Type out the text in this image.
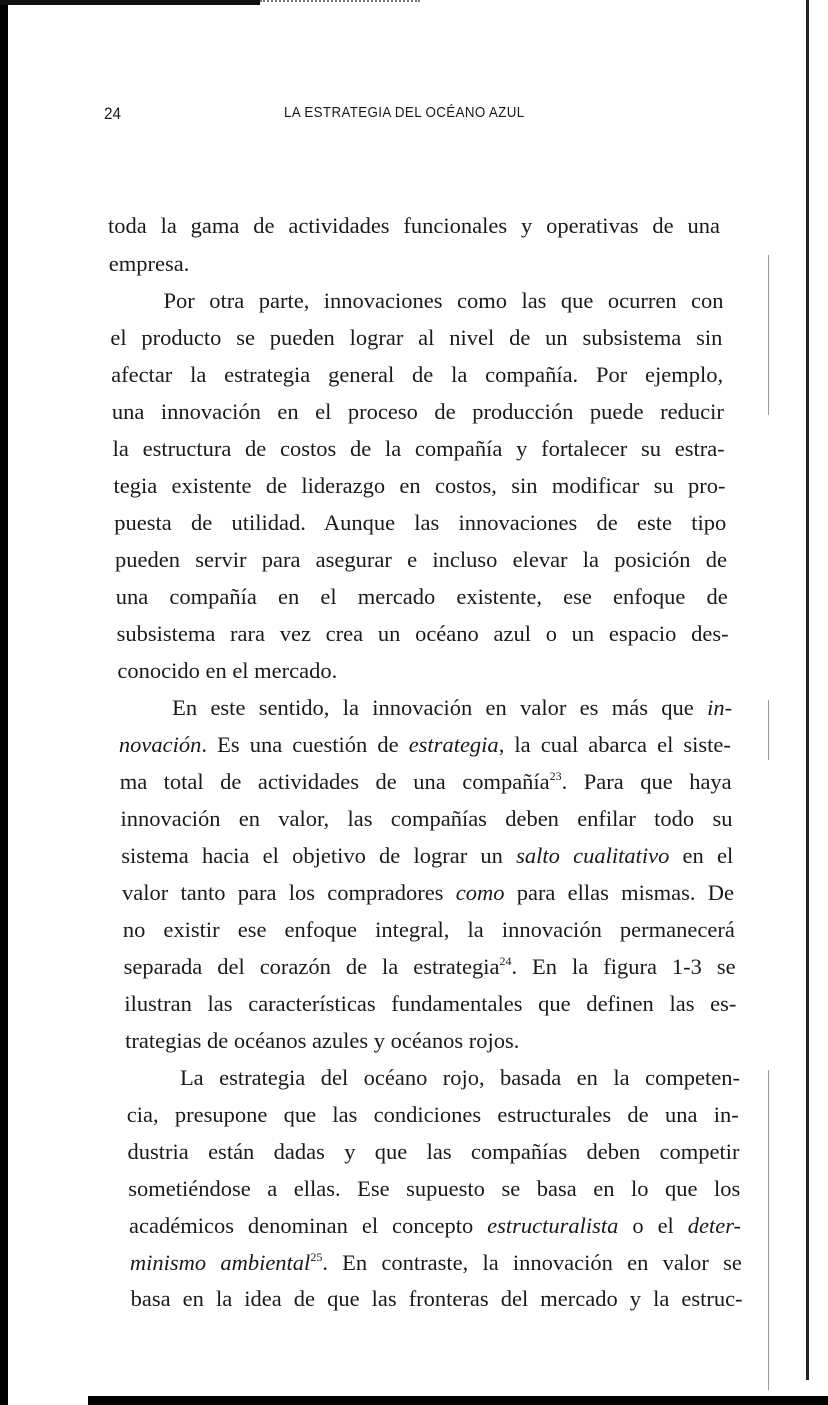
24	LA ESTRATEGIA DEL OCÉANO AZUL
toda la gama de actividades funcionales y operativas de una
empresa.
Por otra parte, innovaciones como las que ocurren con
el producto se pueden lograr al nivel de un subsistema sin
afectar la estrategia general de la compañía. Por ejemplo,
una innovación en el proceso de producción puede reducir
la estructura de costos de la compañía y fortalecer su estra-
tegia existente de liderazgo en costos, sin modificar su pro-
puesta de utilidad. Aunque las innovaciones de este tipo
pueden servir para asegurar e incluso elevar la posición de
una compañía en el mercado existente, ese enfoque de
subsistema rara vez crea un océano azul o un espacio des-
conocido en el mercado.
En este sentido, la innovación en valor es más que in-
novación. Es una cuestión de estrategia, la cual abarca el siste-
ma total de actividades de una compañía$^{23}$. Para que haya
innovación en valor, las compañías deben enfilar todo su
sistema hacia el objetivo de lograr un salto cualitativo en el
valor tanto para los compradores como para ellas mismas. De
no existir ese enfoque integral, la innovación permanecerá
separada del corazón de la estrategia$^{24}$. En la figura 1-3 se
ilustran las características fundamentales que definen las es-
trategias de océanos azules y océanos rojos.
La estrategia del océano rojo, basada en la competen-
cia, presupone que las condiciones estructurales de una in-
dustria están dadas y que las compañías deben competir
sometiéndose a ellas. Ese supuesto se basa en lo que los
académicos denominan el concepto estructuralista o el deter-
minismo ambiental$^{25}$. En contraste, la innovación en valor se
basa en la idea de que las fronteras del mercado y la estruc-
